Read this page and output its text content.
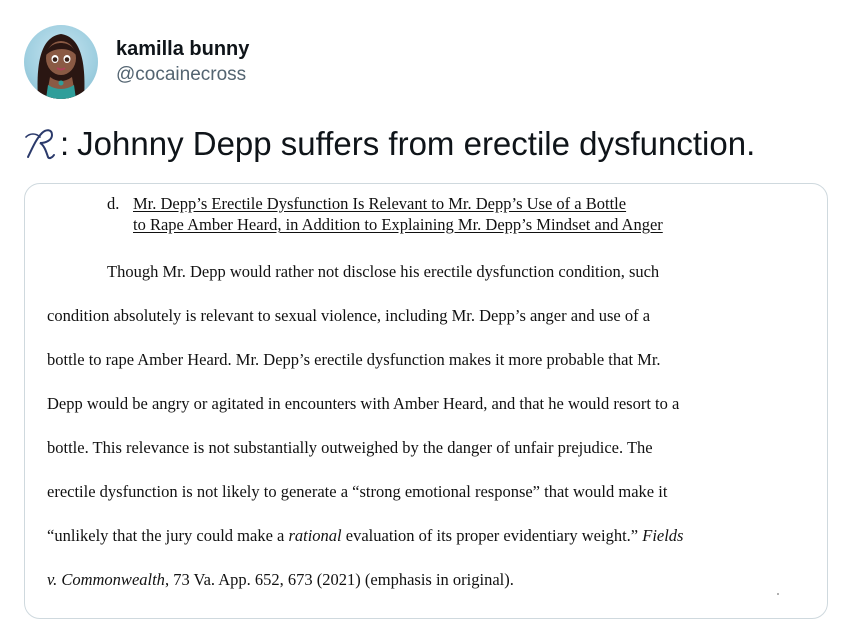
kamilla bunny
@cocainecross
: Johnny Depp suffers from erectile dysfunction.
d. Mr. Depp’s Erectile Dysfunction Is Relevant to Mr. Depp’s Use of a Bottle
to Rape Amber Heard, in Addition to Explaining Mr. Depp’s Mindset and Anger
Though Mr. Depp would rather not disclose his erectile dysfunction condition, such
condition absolutely is relevant to sexual violence, including Mr. Depp’s anger and use of a
bottle to rape Amber Heard. Mr. Depp’s erectile dysfunction makes it more probable that Mr.
Depp would be angry or agitated in encounters with Amber Heard, and that he would resort to a
bottle. This relevance is not substantially outweighed by the danger of unfair prejudice. The
erectile dysfunction is not likely to generate a “strong emotional response” that would make it
“unlikely that the jury could make a rational evaluation of its proper evidentiary weight.” Fields
v. Commonwealth, 73 Va. App. 652, 673 (2021) (emphasis in original).
